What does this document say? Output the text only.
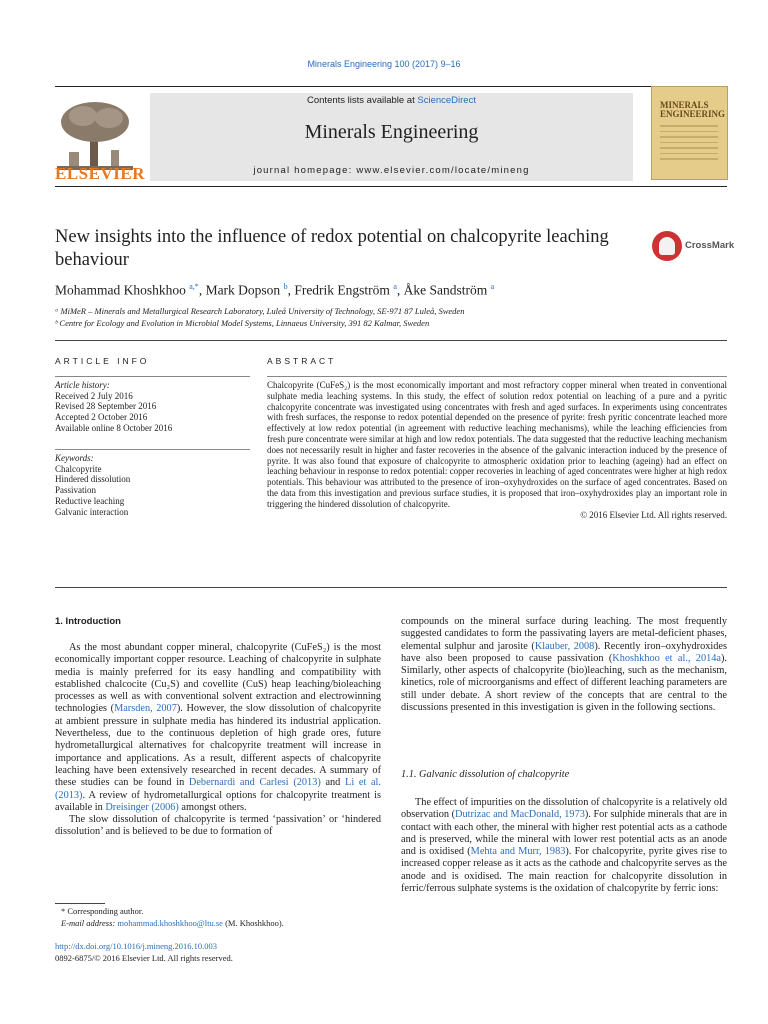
Minerals Engineering 100 (2017) 9–16
ELSEVIER
Contents lists available at ScienceDirect
Minerals Engineering
journal homepage: www.elsevier.com/locate/mineng
MINERALS
ENGINEERING
New insights into the influence of redox potential on chalcopyrite leaching behaviour
CrossMark
Mohammad Khoshkhoo $^{a,*}$, Mark Dopson $^b$, Fredrik Engström $^a$, Åke Sandström $^a$
ᵃ MiMeR – Minerals and Metallurgical Research Laboratory, Luleå University of Technology, SE-971 87 Luleå, Sweden
ᵇ Centre for Ecology and Evolution in Microbial Model Systems, Linnaeus University, 391 82 Kalmar, Sweden
ARTICLE INFO	ABSTRACT
Article history:
Received 2 July 2016
Revised 28 September 2016
Accepted 2 October 2016
Available online 8 October 2016
Keywords:
Chalcopyrite
Hindered dissolution
Passivation
Reductive leaching
Galvanic interaction
Chalcopyrite (CuFeS₂) is the most economically important and most refractory copper mineral when treated in conventional sulphate media leaching systems. In this study, the effect of solution redox potential on leaching of a pure and a pyritic chalcopyrite concentrate was investigated using concentrates with fresh and aged surfaces. In experiments using concentrates with fresh surfaces, the response to redox potential depended on the presence of pyrite: fresh pyritic concentrate leached more effectively at low redox potential (in agreement with reductive leaching mechanisms), while the leaching efficiencies from fresh pure concentrate were similar at high and low redox potentials. The data suggested that the reductive leaching mechanism does not necessarily result in higher and faster recoveries in the absence of the galvanic interaction induced by the presence of pyrite. It was also found that exposure of chalcopyrite to atmospheric oxidation prior to leaching (ageing) had an effect on leaching behaviour in response to redox potential: copper recoveries in leaching of aged concentrates were higher at high redox potentials. This behaviour was attributed to the presence of iron–oxyhydroxides on the surface of aged concentrates. Based on the data from this investigation and previous surface studies, it is proposed that iron–oxyhydroxides play an important role in triggering the hindered dissolution of chalcopyrite.
© 2016 Elsevier Ltd. All rights reserved.
1. Introduction

As the most abundant copper mineral, chalcopyrite (CuFeS₂) is the most economically important copper resource. Leaching of chalcopyrite in sulphate media is mainly preferred for its easy handling and compatibility with established chalcocite (Cu₂S) and covellite (CuS) heap leaching/bioleaching processes as well as with conventional solvent extraction and electrowinning technologies (Marsden, 2007). However, the slow dissolution of chalcopyrite at ambient pressure in sulphate media has hindered its industrial application. Nevertheless, due to the continuous depletion of high grade ores, future hydrometallurgical alternatives for chalcopyrite treatment will increase in importance and applications. As a result, different aspects of chalcopyrite leaching have been extensively researched in recent decades. A summary of these studies can be found in Debernardi and Carlesi (2013) and Li et al. (2013). A review of hydrometallurgical options for chalcopyrite treatment is available in Dreisinger (2006) amongst others.

The slow dissolution of chalcopyrite is termed ‘passivation’ or ‘hindered dissolution’ and is believed to be due to formation of

compounds on the mineral surface during leaching. The most frequently suggested candidates to form the passivating layers are metal-deficient phases, elemental sulphur and jarosite (Klauber, 2008). Recently iron–oxyhydroxides have also been proposed to cause passivation (Khoshkhoo et al., 2014a). Similarly, other aspects of chalcopyrite (bio)leaching, such as the mechanism, kinetics, role of microorganisms and effect of different leaching parameters are still under debate. A short review of the concepts that are central to the discussions presented in this investigation is given in the following sections.

1.1. Galvanic dissolution of chalcopyrite

The effect of impurities on the dissolution of chalcopyrite is a relatively old observation (Dutrizac and MacDonald, 1973). For sulphide minerals that are in contact with each other, the mineral with higher rest potential acts as a cathode and is preserved, while the mineral with lower rest potential acts as an anode and is oxidised (Mehta and Murr, 1983). For chalcopyrite, pyrite gives rise to increased copper release as it acts as the cathode and chalcopyrite serves as the anode and is oxidised. The main reaction for chalcopyrite dissolution in ferric/ferrous sulphate systems is the oxidation of chalcopyrite by ferric ions:

* Corresponding author.
E-mail address: mohammad.khoshkhoo@ltu.se (M. Khoshkhoo).
http://dx.doi.org/10.1016/j.mineng.2016.10.003
0892-6875/© 2016 Elsevier Ltd. All rights reserved.
